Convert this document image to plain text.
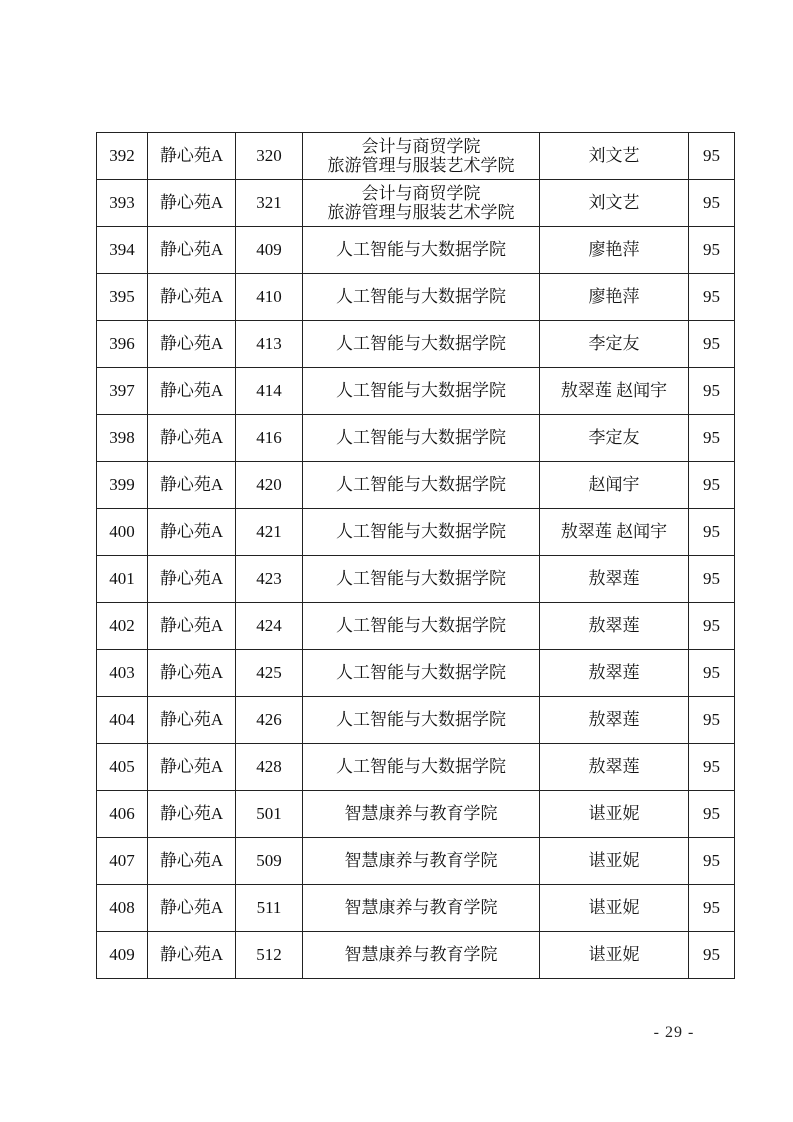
392	静心苑A	320	会计与商贸学院
旅游管理与服装艺术学院	刘文艺	95
393	静心苑A	321	会计与商贸学院
旅游管理与服装艺术学院	刘文艺	95
394	静心苑A	409	人工智能与大数据学院	廖艳萍	95
395	静心苑A	410	人工智能与大数据学院	廖艳萍	95
396	静心苑A	413	人工智能与大数据学院	李定友	95
397	静心苑A	414	人工智能与大数据学院	敖翠莲 赵闻宇	95
398	静心苑A	416	人工智能与大数据学院	李定友	95
399	静心苑A	420	人工智能与大数据学院	赵闻宇	95
400	静心苑A	421	人工智能与大数据学院	敖翠莲 赵闻宇	95
401	静心苑A	423	人工智能与大数据学院	敖翠莲	95
402	静心苑A	424	人工智能与大数据学院	敖翠莲	95
403	静心苑A	425	人工智能与大数据学院	敖翠莲	95
404	静心苑A	426	人工智能与大数据学院	敖翠莲	95
405	静心苑A	428	人工智能与大数据学院	敖翠莲	95
406	静心苑A	501	智慧康养与教育学院	谌亚妮	95
407	静心苑A	509	智慧康养与教育学院	谌亚妮	95
408	静心苑A	511	智慧康养与教育学院	谌亚妮	95
409	静心苑A	512	智慧康养与教育学院	谌亚妮	95
- 29 -
